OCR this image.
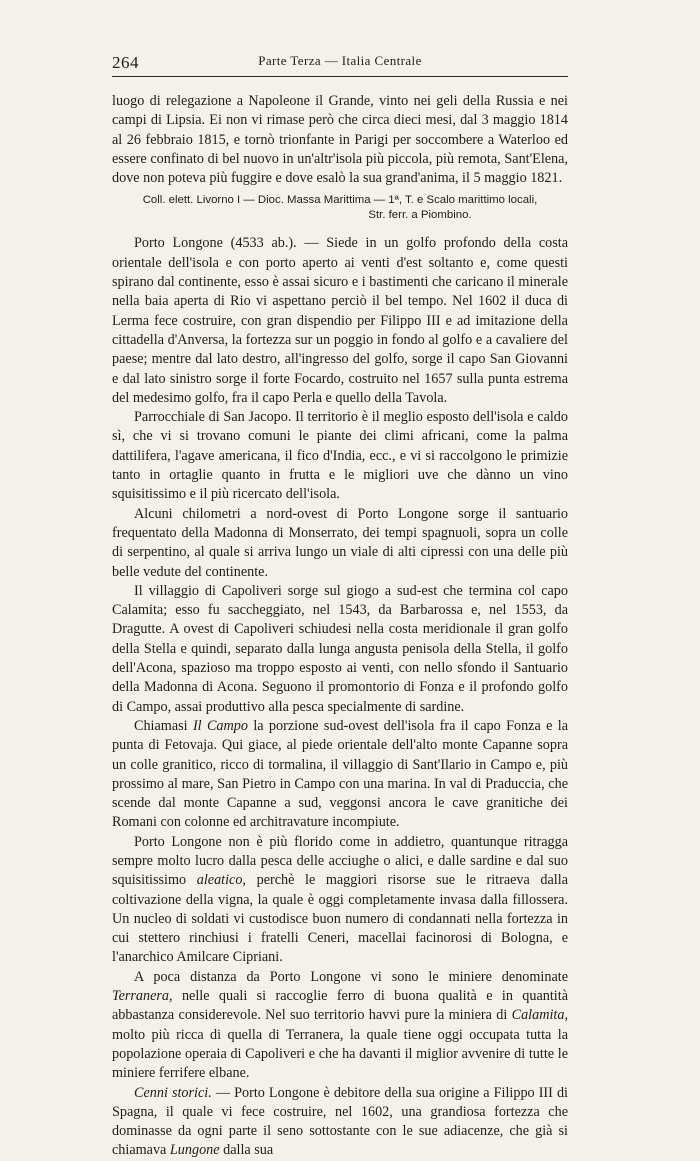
264	Parte Terza — Italia Centrale

luogo di relegazione a Napoleone il Grande, vinto nei geli della Russia e nei campi di Lipsia. Ei non vi rimase però che circa dieci mesi, dal 3 maggio 1814 al 26 febbraio 1815, e tornò trionfante in Parigi per soccombere a Waterloo ed essere confinato di bel nuovo in un'altr'isola più piccola, più remota, Sant'Elena, dove non poteva più fuggire e dove esalò la sua grand'anima, il 5 maggio 1821.

Coll. elett. Livorno I — Dioc. Massa Marittima — 1ª, T. e Scalo marittimo locali,
Str. ferr. a Piombino.

Porto Longone (4533 ab.). — Siede in un golfo profondo della costa orientale dell'isola e con porto aperto ai venti d'est soltanto e, come questi spirano dal continente, esso è assai sicuro e i bastimenti che caricano il minerale nella baia aperta di Rio vi aspettano perciò il bel tempo. Nel 1602 il duca di Lerma fece costruire, con gran dispendio per Filippo III e ad imitazione della cittadella d'Anversa, la fortezza sur un poggio in fondo al golfo e a cavaliere del paese; mentre dal lato destro, all'ingresso del golfo, sorge il capo San Giovanni e dal lato sinistro sorge il forte Focardo, costruito nel 1657 sulla punta estrema del medesimo golfo, fra il capo Perla e quello della Tavola.

Parrocchiale di San Jacopo. Il territorio è il meglio esposto dell'isola e caldo sì, che vi si trovano comuni le piante dei climi africani, come la palma dattilifera, l'agave americana, il fico d'India, ecc., e vi si raccolgono le primizie tanto in ortaglie quanto in frutta e le migliori uve che dànno un vino squisitissimo e il più ricercato dell'isola.

Alcuni chilometri a nord-ovest di Porto Longone sorge il santuario frequentato della Madonna di Monserrato, dei tempi spagnuoli, sopra un colle di serpentino, al quale si arriva lungo un viale di alti cipressi con una delle più belle vedute del continente.

Il villaggio di Capoliveri sorge sul giogo a sud-est che termina col capo Calamita; esso fu saccheggiato, nel 1543, da Barbarossa e, nel 1553, da Dragutte. A ovest di Capoliveri schiudesi nella costa meridionale il gran golfo della Stella e quindi, separato dalla lunga angusta penisola della Stella, il golfo dell'Acona, spazioso ma troppo esposto ai venti, con nello sfondo il Santuario della Madonna di Acona. Seguono il promontorio di Fonza e il profondo golfo di Campo, assai produttivo alla pesca specialmente di sardine.

Chiamasi Il Campo la porzione sud-ovest dell'isola fra il capo Fonza e la punta di Fetovaja. Qui giace, al piede orientale dell'alto monte Capanne sopra un colle granitico, ricco di tormalina, il villaggio di Sant'Ilario in Campo e, più prossimo al mare, San Pietro in Campo con una marina. In val di Praduccia, che scende dal monte Capanne a sud, veggonsi ancora le cave granitiche dei Romani con colonne ed architravature incompiute.

Porto Longone non è più florido come in addietro, quantunque ritragga sempre molto lucro dalla pesca delle acciughe o alici, e dalle sardine e dal suo squisitissimo aleatico, perchè le maggiori risorse sue le ritraeva dalla coltivazione della vigna, la quale è oggi completamente invasa dalla fillossera. Un nucleo di soldati vi custodisce buon numero di condannati nella fortezza in cui stettero rinchiusi i fratelli Ceneri, macellai facinorosi di Bologna, e l'anarchico Amilcare Cipriani.

A poca distanza da Porto Longone vi sono le miniere denominate Terranera, nelle quali si raccoglie ferro di buona qualità e in quantità abbastanza considerevole. Nel suo territorio havvi pure la miniera di Calamita, molto più ricca di quella di Terranera, la quale tiene oggi occupata tutta la popolazione operaia di Capoliveri e che ha davanti il miglior avvenire di tutte le miniere ferrifere elbane.

Cenni storici. — Porto Longone è debitore della sua origine a Filippo III di Spagna, il quale vi fece costruire, nel 1602, una grandiosa fortezza che dominasse da ogni parte il seno sottostante con le sue adiacenze, che già si chiamava Lungone dalla sua
